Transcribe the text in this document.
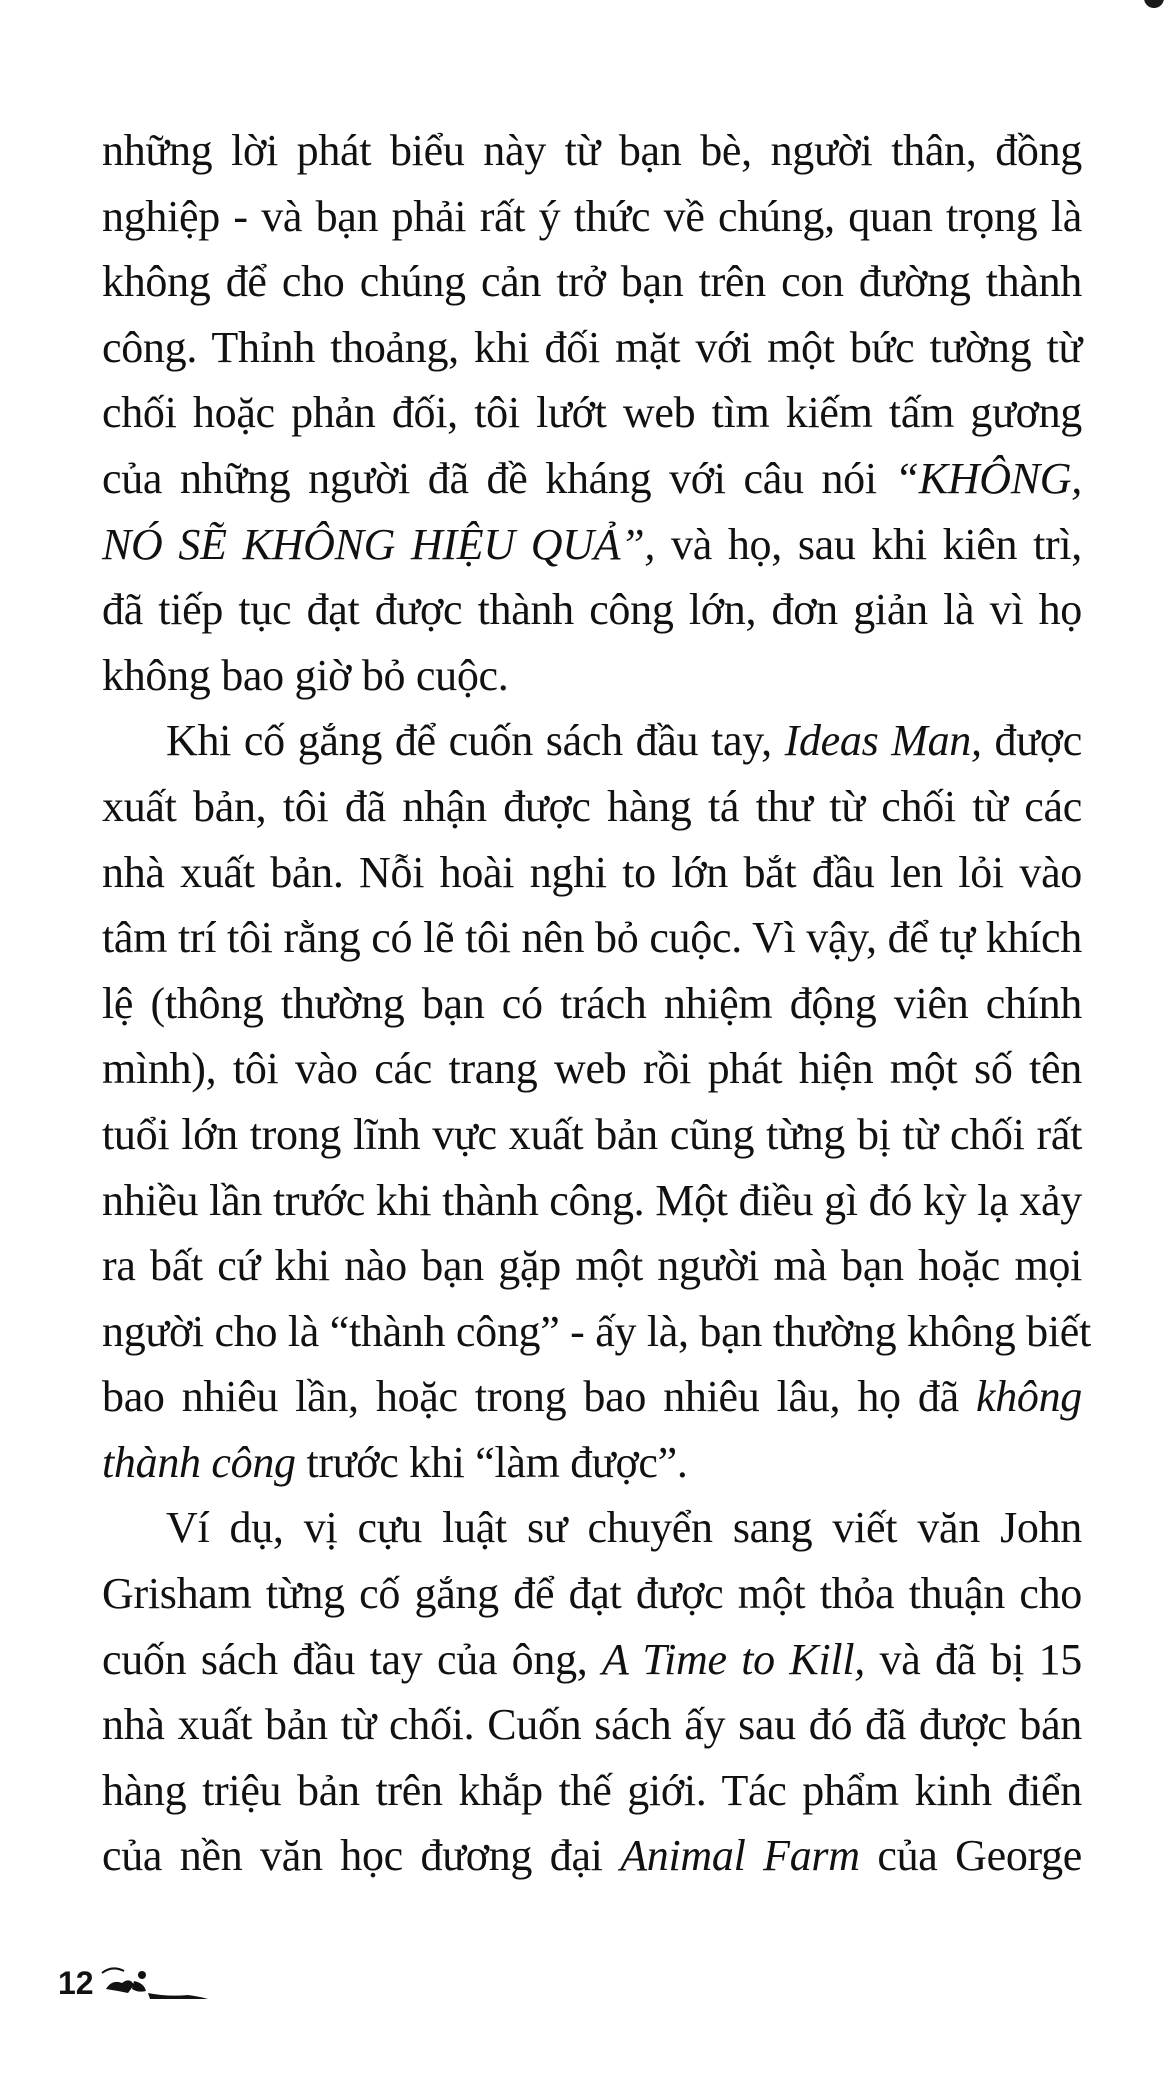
những lời phát biểu này từ bạn bè, người thân, đồng
nghiệp - và bạn phải rất ý thức về chúng, quan trọng là
không để cho chúng cản trở bạn trên con đường thành
công. Thỉnh thoảng, khi đối mặt với một bức tường từ
chối hoặc phản đối, tôi lướt web tìm kiếm tấm gương
của những người đã đề kháng với câu nói “KHÔNG,
NÓ SẼ KHÔNG HIỆU QUẢ”, và họ, sau khi kiên trì,
đã tiếp tục đạt được thành công lớn, đơn giản là vì họ
không bao giờ bỏ cuộc.
Khi cố gắng để cuốn sách đầu tay, Ideas Man, được
xuất bản, tôi đã nhận được hàng tá thư từ chối từ các
nhà xuất bản. Nỗi hoài nghi to lớn bắt đầu len lỏi vào
tâm trí tôi rằng có lẽ tôi nên bỏ cuộc. Vì vậy, để tự khích
lệ (thông thường bạn có trách nhiệm động viên chính
mình), tôi vào các trang web rồi phát hiện một số tên
tuổi lớn trong lĩnh vực xuất bản cũng từng bị từ chối rất
nhiều lần trước khi thành công. Một điều gì đó kỳ lạ xảy
ra bất cứ khi nào bạn gặp một người mà bạn hoặc mọi
người cho là “thành công” - ấy là, bạn thường không biết
bao nhiêu lần, hoặc trong bao nhiêu lâu, họ đã không
thành công trước khi “làm được”.
Ví dụ, vị cựu luật sư chuyển sang viết văn John
Grisham từng cố gắng để đạt được một thỏa thuận cho
cuốn sách đầu tay của ông, A Time to Kill, và đã bị 15
nhà xuất bản từ chối. Cuốn sách ấy sau đó đã được bán
hàng triệu bản trên khắp thế giới. Tác phẩm kinh điển
của nền văn học đương đại Animal Farm của George
12
